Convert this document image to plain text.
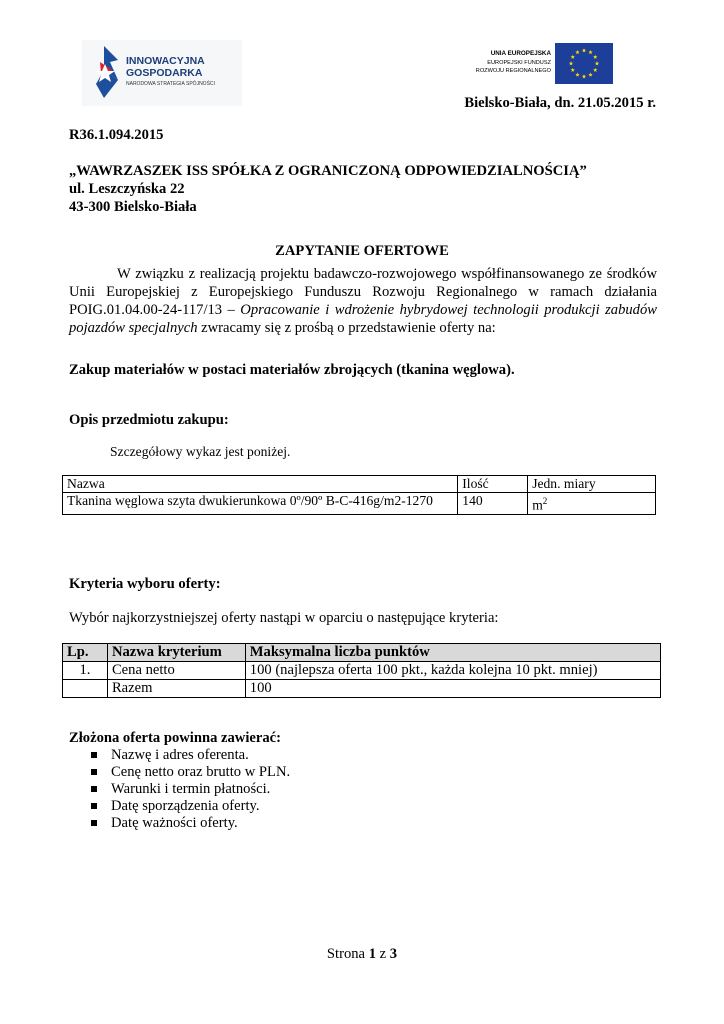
INNOWACYJNA
GOSPODARKA
NARODOWA STRATEGIA SPÓJNOŚCI
UNIA EUROPEJSKA
EUROPEJSKI FUNDUSZ
ROZWOJU REGIONALNEGO
Bielsko-Biała, dn. 21.05.2015 r.
R36.1.094.2015
„WAWRZASZEK ISS SPÓŁKA Z OGRANICZONĄ ODPOWIEDZIALNOŚCIĄ”
ul. Leszczyńska 22
43-300 Bielsko-Biała
ZAPYTANIE OFERTOWE

W związku z realizacją projektu badawczo-rozwojowego współfinansowanego ze środków Unii Europejskiej z Europejskiego Funduszu Rozwoju Regionalnego w ramach działania POIG.01.04.00-24-117/13 – Opracowanie i wdrożenie hybrydowej technologii produkcji zabudów pojazdów specjalnych zwracamy się z prośbą o przedstawienie oferty na:

Zakup materiałów w postaci materiałów zbrojących (tkanina węglowa).
Opis przedmiotu zakupu:
Szczegółowy wykaz jest poniżej.
Nazwa	Ilość	Jedn. miary
Tkanina węglowa szyta dwukierunkowa 0º/90º B-C-416g/m2-1270	140	$m^2$
Kryteria wyboru oferty:
Wybór najkorzystniejszej oferty nastąpi w oparciu o następujące kryteria:
Lp.	Nazwa kryterium	Maksymalna liczba punktów
1.	Cena netto	100 (najlepsza oferta 100 pkt., każda kolejna 10 pkt. mniej)
	Razem	100
Złożona oferta powinna zawierać:
Nazwę i adres oferenta.
Cenę netto oraz brutto w PLN.
Warunki i termin płatności.
Datę sporządzenia oferty.
Datę ważności oferty.
Strona 1 z 3
